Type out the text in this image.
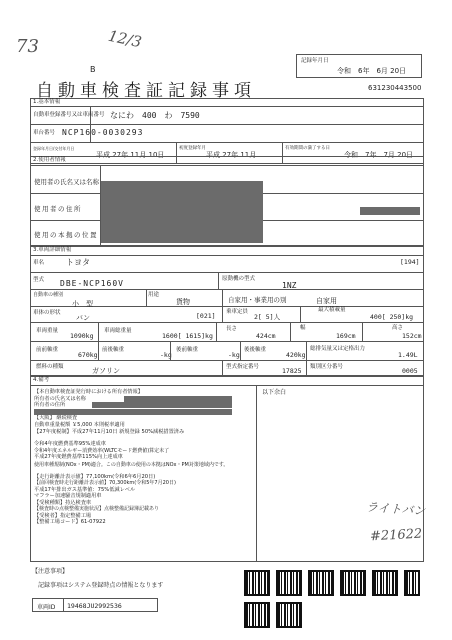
73	12/3
記録年月日
令和　6年　6月 20日
B
自動車検査証記録事項	631230443500
1.基本情報
自動車登録番号又は車両番号 なにわ　400　わ　7590
車台番号 NCP160-0030293
登録年月日/交付年月日
平成 27年 11月 10日
初度登録年月
平成 27年 11月
有効期間の満了する日
令和　7年　7月 20日
2.使用者情報
使用者の氏名又は名称
使用者の住所
使用の本拠の位置
3.車両詳細情報
車名	トヨタ	[194]
型式 DBE-NCP160V	原動機の型式
1NZ
自動車の種別
小　型
用途
貨物	自家用・事業用の別	自家用
車体の形状
バン	[021] 乗車定員
2[ 5]人
最大積載量
400[ 250]kg
車両重量
1090kg
車両総重量
1600[ 1615]kg
長さ
424cm
幅
169cm
高さ
152cm
前前軸重
670kg
前後軸重
-kg
後前軸重
-kg
後後軸重
420kg
総排気量又は定格出力
1.49L
燃料の種類	ガソリン	型式指定番号	17825 類別区分番号	0005
4.備考
以下余白
【本自動車検査証発行時における所有者情報】
所有者の氏名又は名称
所有者の住所
【大阪】 継続検査
自動車重量税額 ￥5,000 本則税率適用
【27年度税制】平成27年11月10日 新規登録 50%減税措置済み
令和4年度燃費基準95%達成車
令和4年度エネルギー消費効率(WLTCモード燃費値)算定未了
平成27年度燃費基準115%向上達成車
使用車種規制(NOx・PM)適合。この自動車の使用の本拠はNOx・PM対策地域内です。
【走行距離計表示値】77,100km(令和6年6月20日)
【前回検査時走行距離計表示値】70,300km(令和5年7月20日)
平成17年排出ガス基準値：75%低減レベル
マフラー加速騒音規制適用車
【受検種類】持込検査車
【検査時の点検整備実施状況】点検整備記録簿記載あり
【受検者】指定整備工場
【整備工場コード】61-07922
ライトバン
#21622
【注意事項】
記録事項はシステム登録時点の情報となります
車両ID 19468JU2992536
